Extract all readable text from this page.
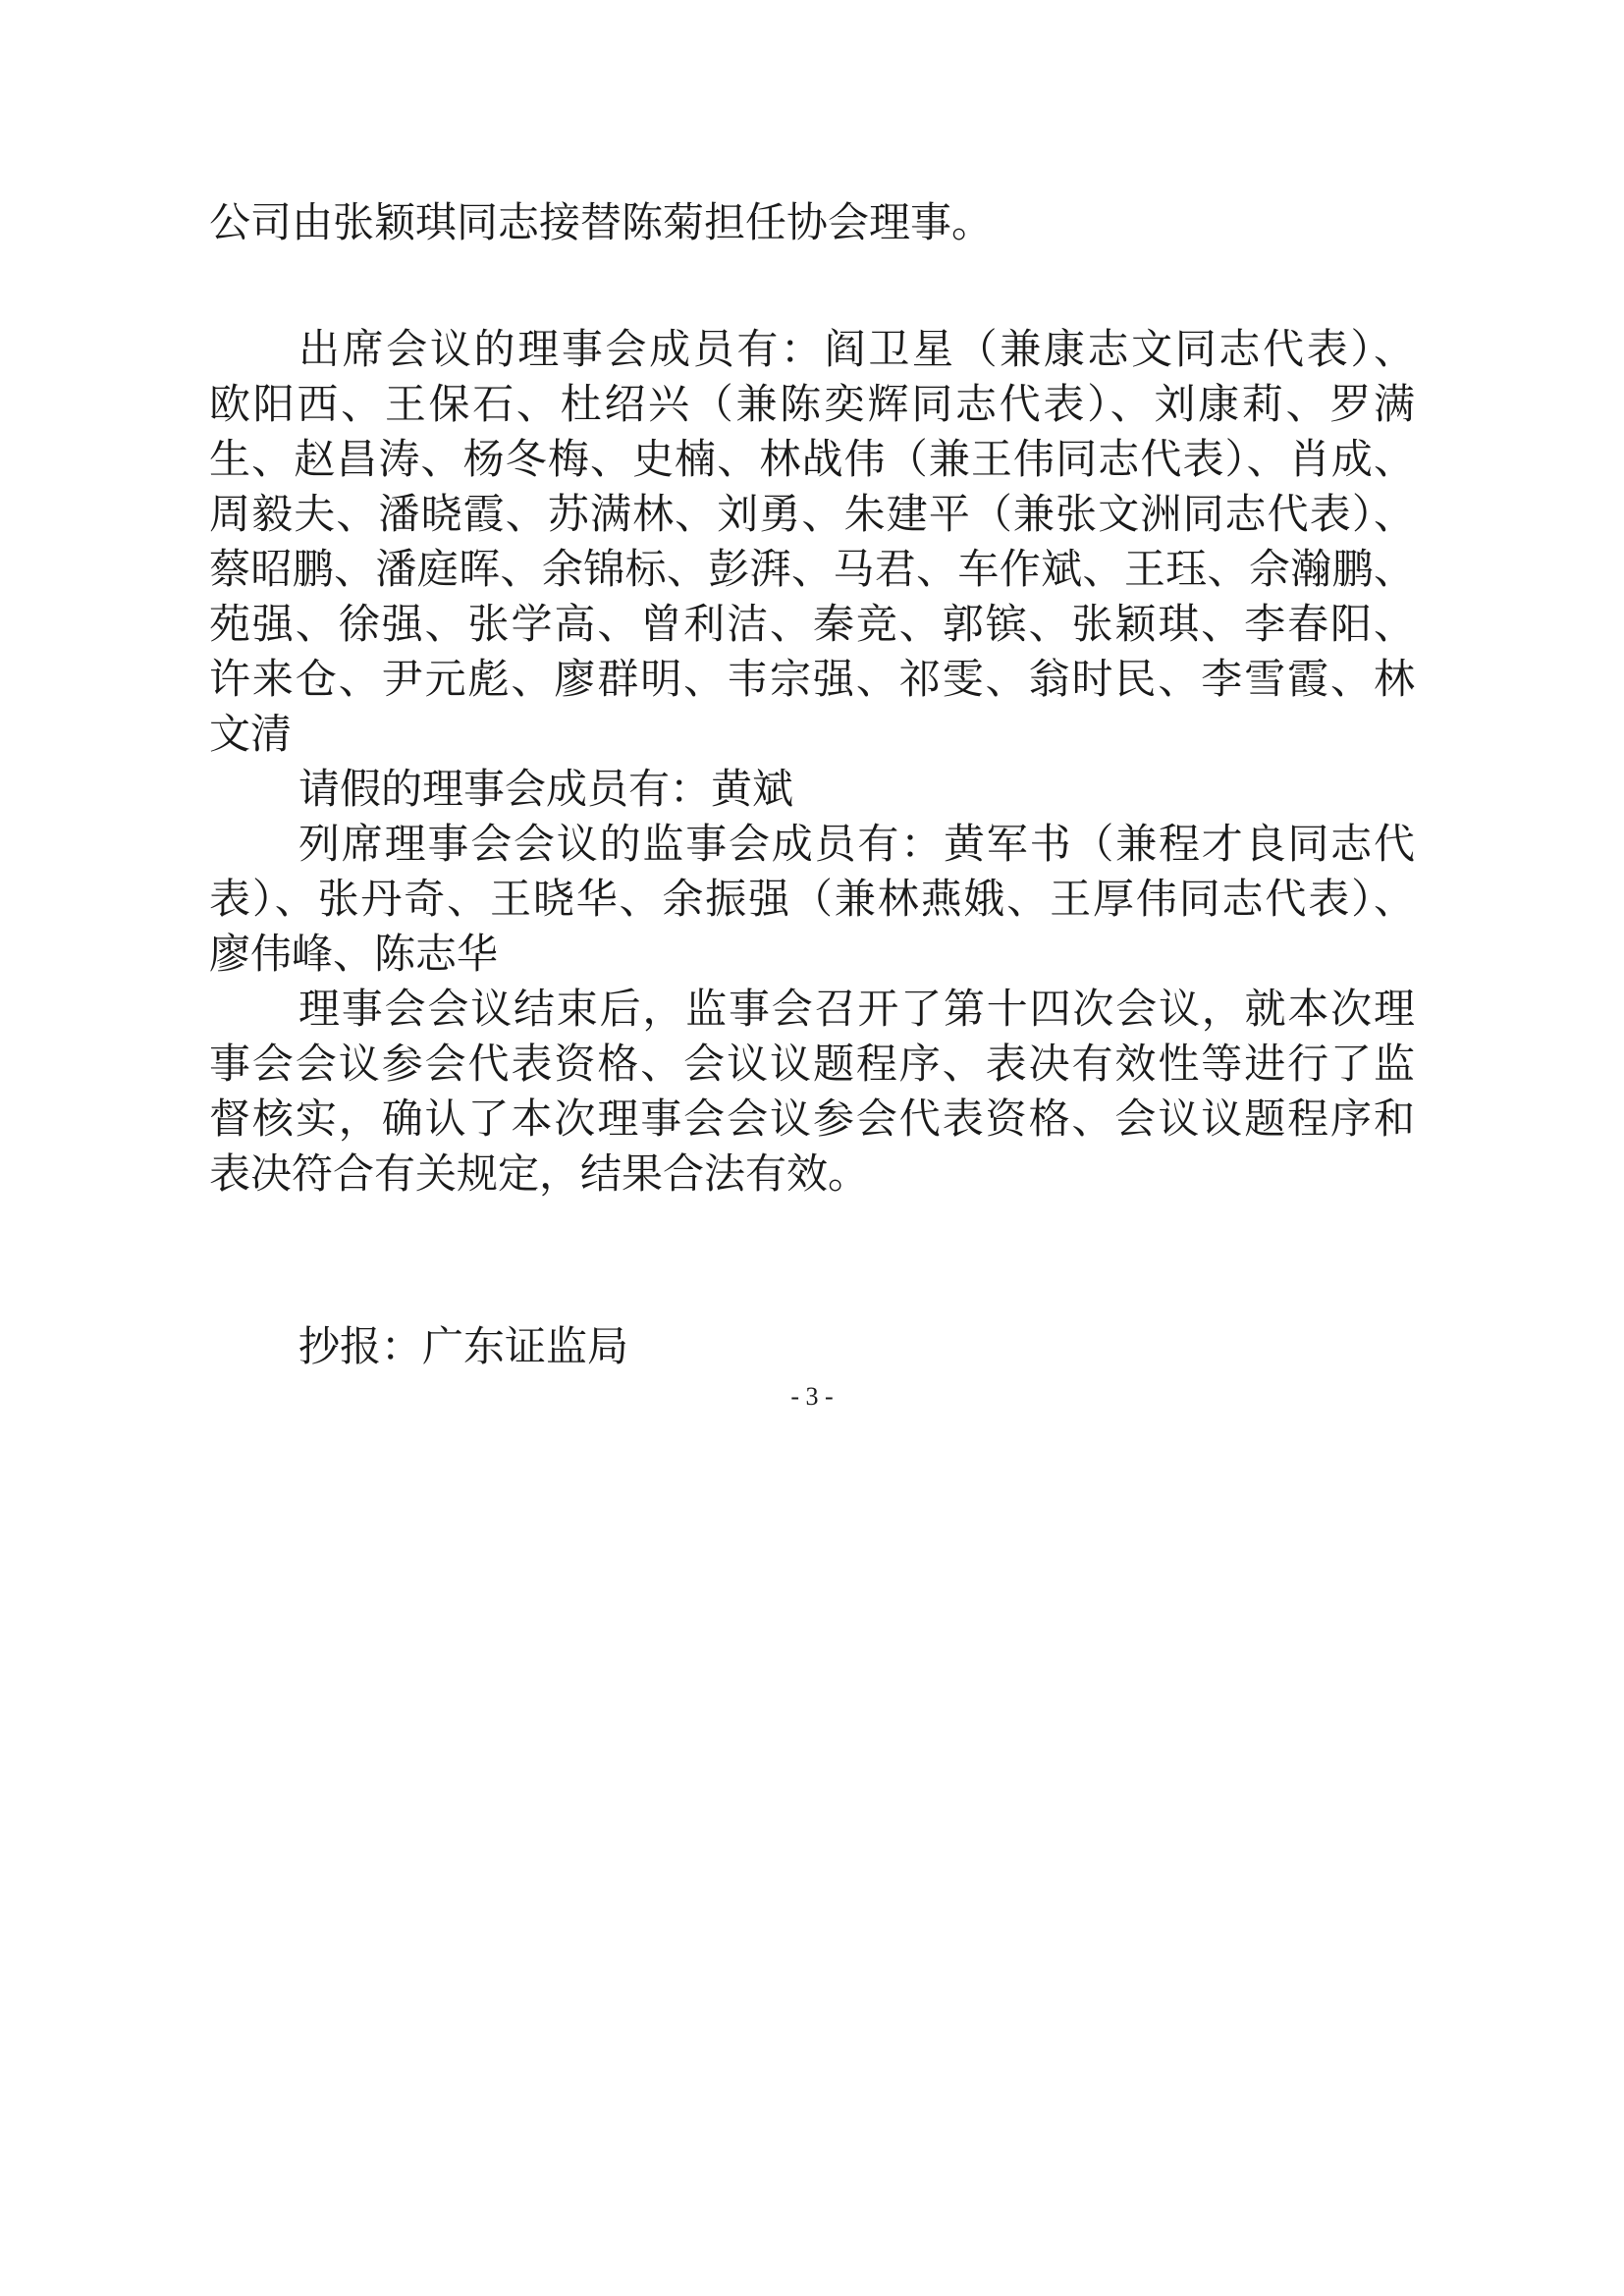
公司由张颖琪同志接替陈菊担任协会理事。
出席会议的理事会成员有：阎卫星（兼康志文同志代表）、
欧阳西、王保石、杜绍兴（兼陈奕辉同志代表）、刘康莉、罗满
生、赵昌涛、杨冬梅、史楠、林战伟（兼王伟同志代表）、肖成、
周毅夫、潘晓霞、苏满林、刘勇、朱建平（兼张文洲同志代表）、
蔡昭鹏、潘庭晖、余锦标、彭湃、马君、车作斌、王珏、佘瀚鹏、
苑强、徐强、张学高、曾利洁、秦竞、郭镔、张颖琪、李春阳、
许来仓、尹元彪、廖群明、韦宗强、祁雯、翁时民、李雪霞、林
文清
请假的理事会成员有：黄斌
列席理事会会议的监事会成员有：黄军书（兼程才良同志代
表）、张丹奇、王晓华、余振强（兼林燕娥、王厚伟同志代表）、
廖伟峰、陈志华
理事会会议结束后，监事会召开了第十四次会议，就本次理
事会会议参会代表资格、会议议题程序、表决有效性等进行了监
督核实，确认了本次理事会会议参会代表资格、会议议题程序和
表决符合有关规定，结果合法有效。
抄报：广东证监局
- 3 -
